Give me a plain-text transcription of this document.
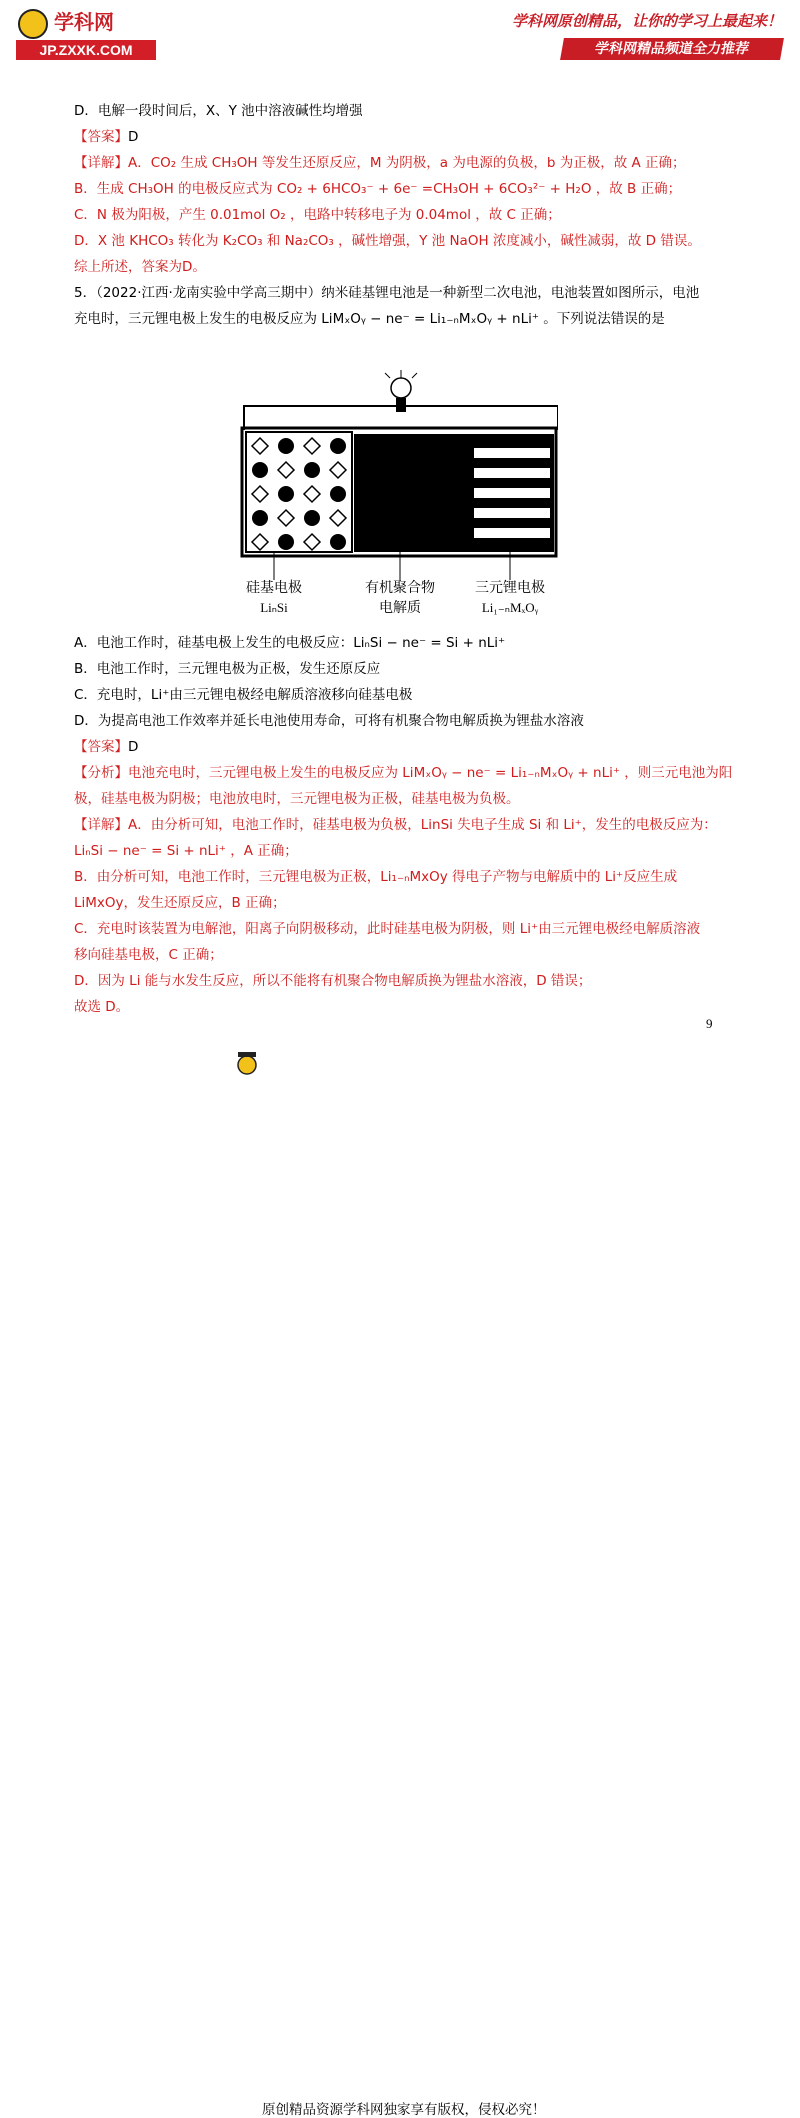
学科网
JP.ZXXK.COM
学科网原创精品，让你的学习上最起来！
学科网精品频道全力推荐
D．电解一段时间后，X、Y 池中溶液碱性均增强
【答案】D
【详解】A．CO₂ 生成 CH₃OH 等发生还原反应，M 为阴极，a 为电源的负极，b 为正极，故 A 正确；
B．生成 CH₃OH 的电极反应式为 CO₂ + 6HCO₃⁻ + 6e⁻ =CH₃OH + 6CO₃²⁻ + H₂O ，故 B 正确；
C．N 极为阳极，产生 0.01mol O₂ ，电路中转移电子为 0.04mol ，故 C 正确；
D．X 池 KHCO₃ 转化为 K₂CO₃ 和 Na₂CO₃ ，碱性增强，Y 池 NaOH 浓度减小，碱性减弱，故 D 错误。
综上所述，答案为D。
5．（2022·江西·龙南实验中学高三期中）纳米硅基锂电池是一种新型二次电池，电池装置如图所示，电池
充电时，三元锂电极上发生的电极反应为 LiMₓOᵧ − ne⁻ = Li₁₋ₙMₓOᵧ + nLi⁺ 。下列说法错误的是
硅基电极
LiₙSi
有机聚合物
电解质
三元锂电极
Li₁₋ₙMₓOᵧ
A．电池工作时，硅基电极上发生的电极反应：LiₙSi − ne⁻ = Si + nLi⁺
B．电池工作时，三元锂电极为正极，发生还原反应
C．充电时，Li⁺由三元锂电极经电解质溶液移向硅基电极
D．为提高电池工作效率并延长电池使用寿命，可将有机聚合物电解质换为锂盐水溶液
【答案】D
【分析】电池充电时，三元锂电极上发生的电极反应为 LiMₓOᵧ − ne⁻ = Li₁₋ₙMₓOᵧ + nLi⁺ ，则三元电池为阳
极，硅基电极为阴极；电池放电时，三元锂电极为正极，硅基电极为负极。
【详解】A．由分析可知，电池工作时，硅基电极为负极，LinSi 失电子生成 Si 和 Li⁺，发生的电极反应为：
LiₙSi − ne⁻ = Si + nLi⁺ ，A 正确；
B．由分析可知，电池工作时，三元锂电极为正极，Li₁₋ₙMxOy 得电子产物与电解质中的 Li⁺反应生成
LiMxOy，发生还原反应，B 正确；
C．充电时该装置为电解池，阳离子向阴极移动，此时硅基电极为阴极，则 Li⁺由三元锂电极经电解质溶液
移向硅基电极，C 正确；
D．因为 Li 能与水发生反应，所以不能将有机聚合物电解质换为锂盐水溶液，D 错误；
故选 D。
9
原创精品资源学科网独家享有版权，侵权必究！
